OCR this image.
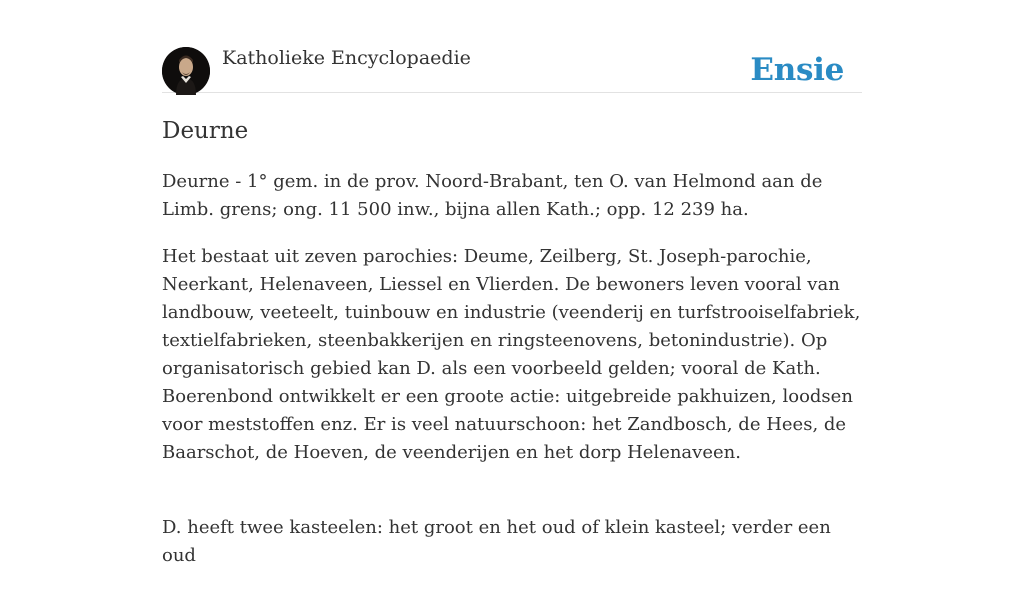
Katholieke Encyclopaedie	Ensie
Deurne

Deurne - 1° gem. in de prov. Noord-Brabant, ten O. van Helmond aan de Limb. grens; ong. 11 500 inw., bijna allen Kath.; opp. 12 239 ha.

Het bestaat uit zeven parochies: Deume, Zeilberg, St. Joseph-parochie, Neerkant, Helenaveen, Liessel en Vlierden. De bewoners leven vooral van landbouw, veeteelt, tuinbouw en industrie (veenderij en turfstrooiselfabriek, textielfabrieken, steenbakkerijen en ringsteenovens, betonindustrie). Op organisatorisch gebied kan D. als een voorbeeld gelden; vooral de Kath. Boerenbond ontwikkelt er een groote actie: uitgebreide pakhuizen, loodsen voor meststoffen enz. Er is veel natuurschoon: het Zandbosch, de Hees, de Baarschot, de Hoeven, de veenderijen en het dorp Helenaveen.

D. heeft twee kasteelen: het groot en het oud of klein kasteel; verder een oud
